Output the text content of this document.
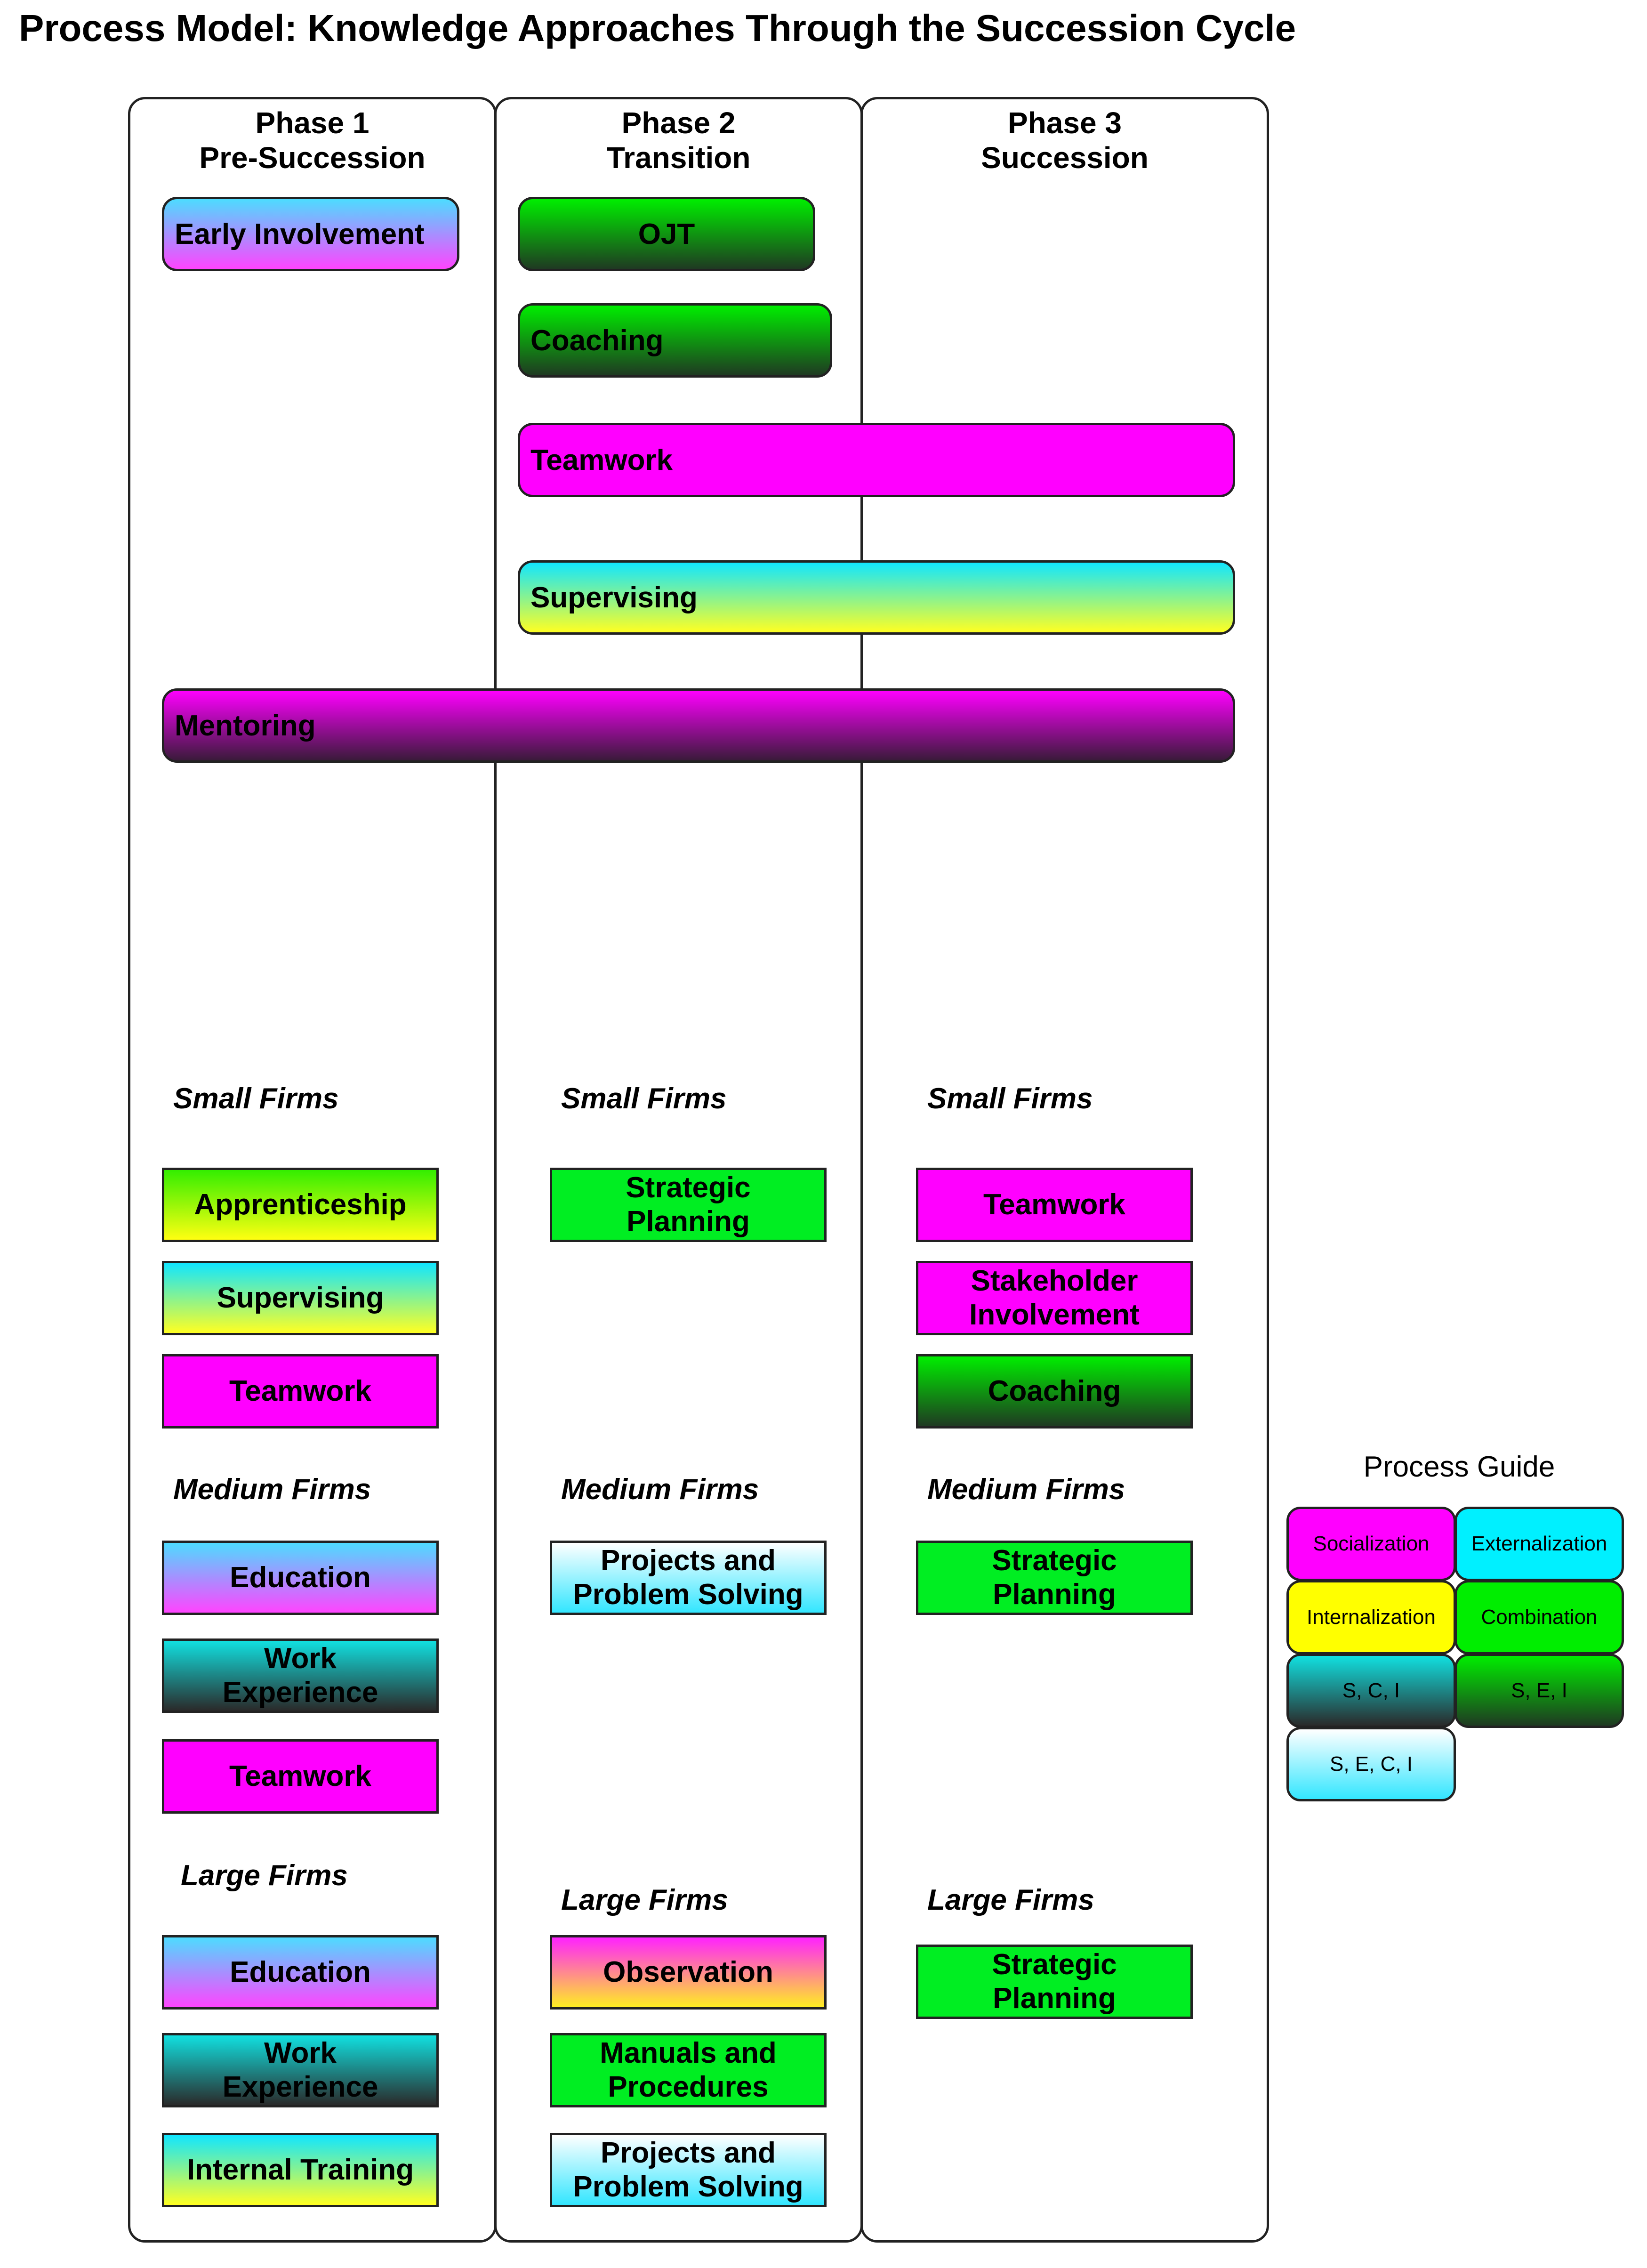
Process Model: Knowledge Approaches Through the Succession Cycle
Phase 1
Pre-Succession
Phase 2
Transition
Phase 3
Succession
Early Involvement	OJT
Coaching
Teamwork
Supervising
Mentoring
Small Firms
Apprenticeship
Supervising
Teamwork
Medium Firms
Education
Work Experience
Teamwork
Large Firms
Education
Work Experience
Internal Training
Small Firms
Strategic Planning
Medium Firms
Projects and Problem Solving
Large Firms
Observation
Manuals and Procedures
Projects and Problem Solving
Small Firms
Teamwork
Stakeholder Involvement
Coaching
Medium Firms
Strategic Planning
Large Firms
Strategic Planning
Process Guide
Socialization	Externalization
Internalization	Combination
S, C, I	S, E, I
S, E, C, I
